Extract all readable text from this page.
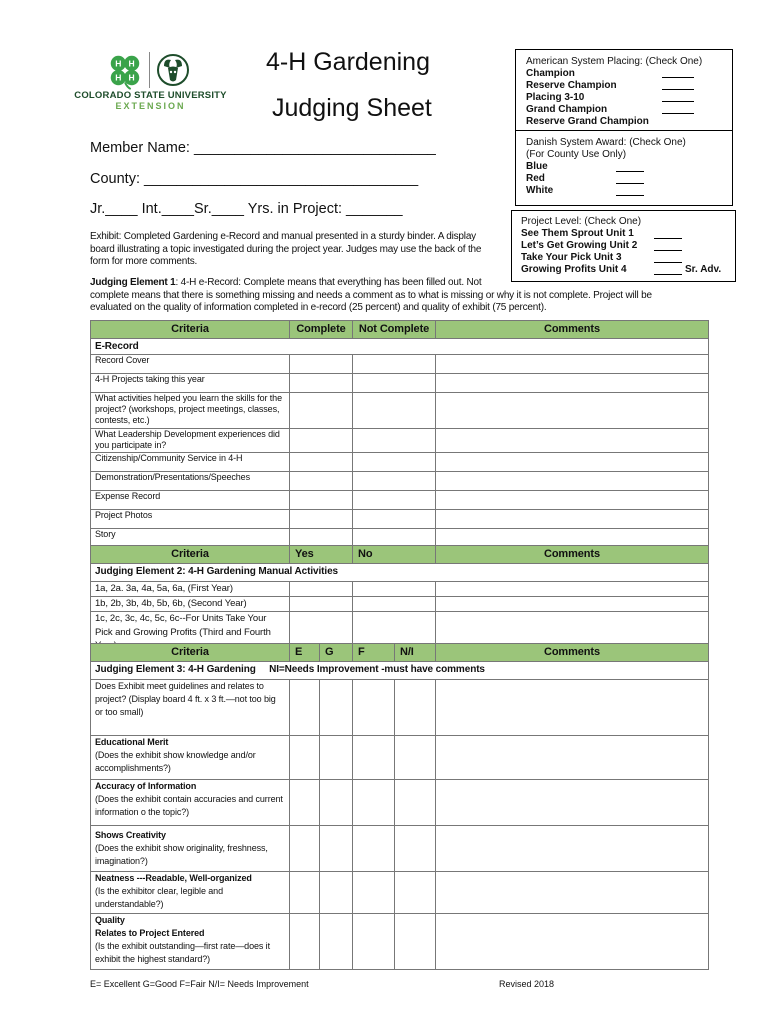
H H
H H
COLORADO STATE UNIVERSITY
EXTENSION
4-H Gardening
Judging Sheet
American System Placing: (Check One)
Champion
Reserve Champion
Placing 3-10
Grand Champion
Reserve Grand Champion
Danish System Award: (Check One)
(For County Use Only)
Blue
Red
White
Project Level: (Check One)
See Them Sprout Unit 1
Let’s Get Growing Unit 2
Take Your Pick Unit 3
Growing Profits Unit 4	Sr. Adv.
Member Name: ______________________________
County: __________________________________
Jr.____ Int.____Sr.____ Yrs. in Project: _______
Exhibit: Completed Gardening e-Record and manual presented in a sturdy binder. A display
board illustrating a topic investigated during the project year. Judges may use the back of the
form for more comments.
Judging Element 1: 4-H e-Record: Complete means that everything has been filled out. Not
complete means that there is something missing and needs a comment as to what is missing or why it is not complete. Project will be
evaluated on the quality of information completed in e-record (25 percent) and quality of exhibit (75 percent).
Criteria	Complete	Not Complete	Comments
E-Record			
Record Cover			
4-H Projects taking this year			
What activities helped you learn the skills for the project? (workshops, project meetings, classes, contests, etc.)			
What Leadership Development experiences did you participate in?			
Citizenship/Community Service in 4-H			
Demonstration/Presentations/Speeches			
Expense Record			
Project Photos			
Story			
Criteria	Yes	No	Comments
Judging Element 2: 4-H Gardening Manual Activities			
1a, 2a. 3a, 4a, 5a, 6a, (First Year)			
1b, 2b, 3b, 4b, 5b, 6b, (Second Year)			
1c, 2c, 3c, 4c, 5c, 6c--For Units Take Your Pick and Growing Profits (Third and Fourth			
Criteria	E	G	F	N/I	Comments
Judging Element 3: 4-H Gardening     NI=Needs Improvement -must have comments					
Does Exhibit meet guidelines and relates to project? (Display board 4 ft. x 3 ft.—not too big or too small)					
Educational Merit
(Does the exhibit show knowledge and/or accomplishments?)					

Accuracy of Information
(Does the exhibit contain accuracies and current information o the topic?)					

Shows Creativity
(Does the exhibit show originality, freshness, imagination?)					

Neatness ---Readable, Well-organized
(Is the exhibitor clear, legible and understandable?)					

Quality
Relates to Project Entered
(Is the exhibit outstanding—first rate—does it exhibit the highest standard?)					

E= Excellent G=Good F=Fair N/I= Needs Improvement	Revised 2018
